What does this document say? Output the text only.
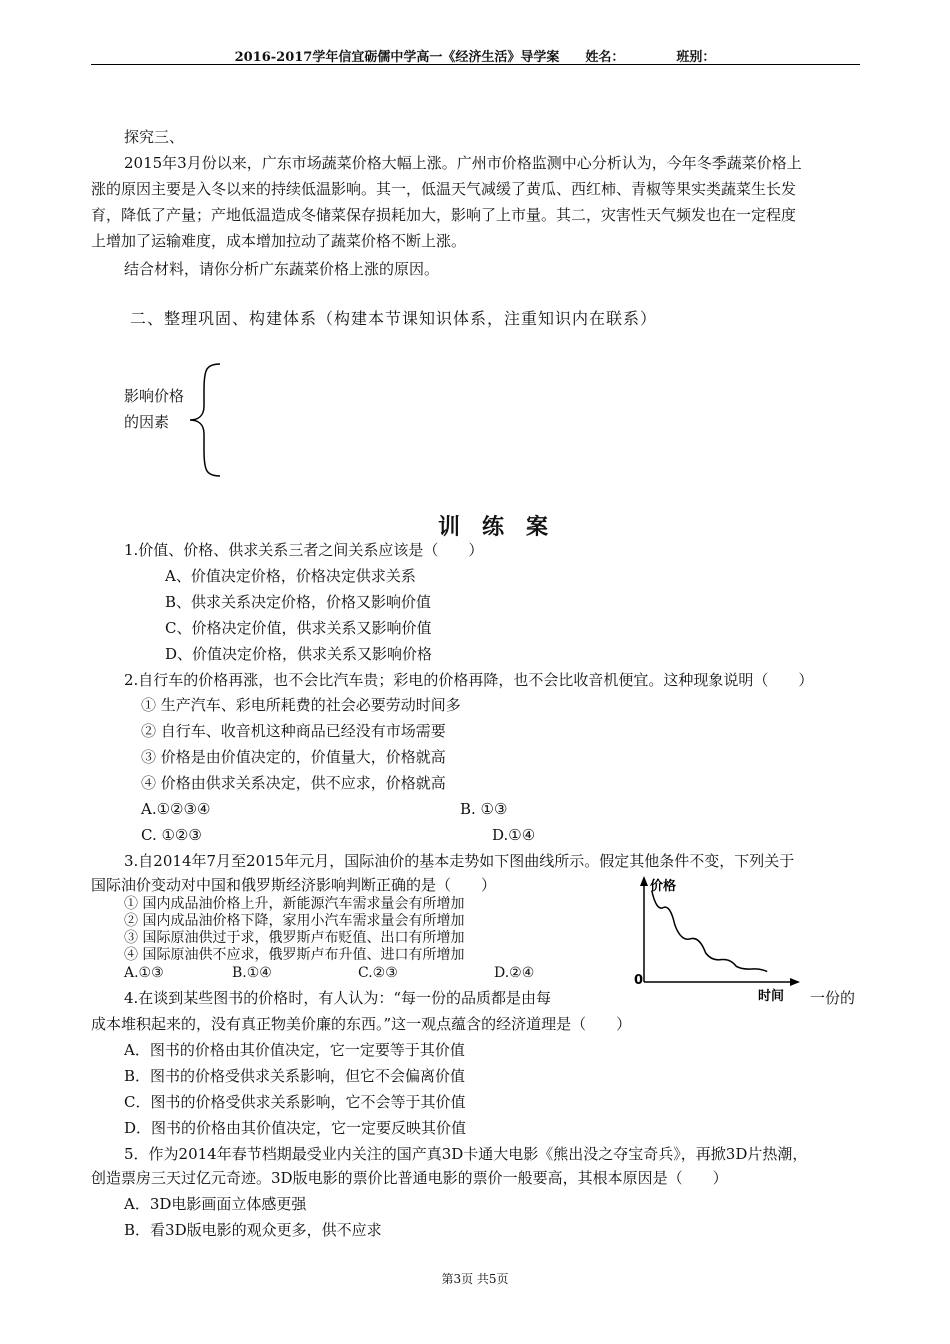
2016-2017学年信宜砺儒中学高一《经济生活》导学案 姓名：	班别：
探究三、
2015年3月份以来，广东市场蔬菜价格大幅上涨。广州市价格监测中心分析认为，今年冬季蔬菜价格上
涨的原因主要是入冬以来的持续低温影响。其一，低温天气减缓了黄瓜、西红柿、青椒等果实类蔬菜生长发
育，降低了产量；产地低温造成冬储菜保存损耗加大，影响了上市量。其二，灾害性天气频发也在一定程度
上增加了运输难度，成本增加拉动了蔬菜价格不断上涨。
结合材料，请你分析广东蔬菜价格上涨的原因。
二、整理巩固、构建体系（构建本节课知识体系，注重知识内在联系）
影响价格
的因素
训练案
1.价值、价格、供求关系三者之间关系应该是（　　）
A、价值决定价格，价格决定供求关系
B、供求关系决定价格，价格又影响价值
C、价格决定价值，供求关系又影响价值
D、价值决定价格，供求关系又影响价格
2.自行车的价格再涨，也不会比汽车贵；彩电的价格再降，也不会比收音机便宜。这种现象说明（　　）
① 生产汽车、彩电所耗费的社会必要劳动时间多
② 自行车、收音机这种商品已经没有市场需要
③ 价格是由价值决定的，价值量大，价格就高
④ 价格由供求关系决定，供不应求，价格就高
A.①②③④	B. ①③
C. ①②③	D.①④
3.自2014年7月至2015年元月，国际油价的基本走势如下图曲线所示。假定其他条件不变，下列关于
国际油价变动对中国和俄罗斯经济影响判断正确的是（　　）
① 国内成品油价格上升，新能源汽车需求量会有所增加
② 国内成品油价格下降，家用小汽车需求量会有所增加
③ 国际原油供过于求，俄罗斯卢布贬值、出口有所增加
④ 国际原油供不应求，俄罗斯卢布升值、进口有所增加
A.①③	B.①④	C.②③	D.②④
价格
0
时间
4.在谈到某些图书的价格时，有人认为：“每一份的品质都是由每	一份的
成本堆积起来的，没有真正物美价廉的东西。”这一观点蕴含的经济道理是（　　）
A．图书的价格由其价值决定，它一定要等于其价值
B．图书的价格受供求关系影响，但它不会偏离价值
C．图书的价格受供求关系影响，它不会等于其价值
D．图书的价格由其价值决定，它一定要反映其价值
5．作为2014年春节档期最受业内关注的国产真3D卡通大电影《熊出没之夺宝奇兵》，再掀3D片热潮，
创造票房三天过亿元奇迹。3D版电影的票价比普通电影的票价一般要高，其根本原因是（　　）
A．3D电影画面立体感更强
B．看3D版电影的观众更多，供不应求
第3页 共5页
